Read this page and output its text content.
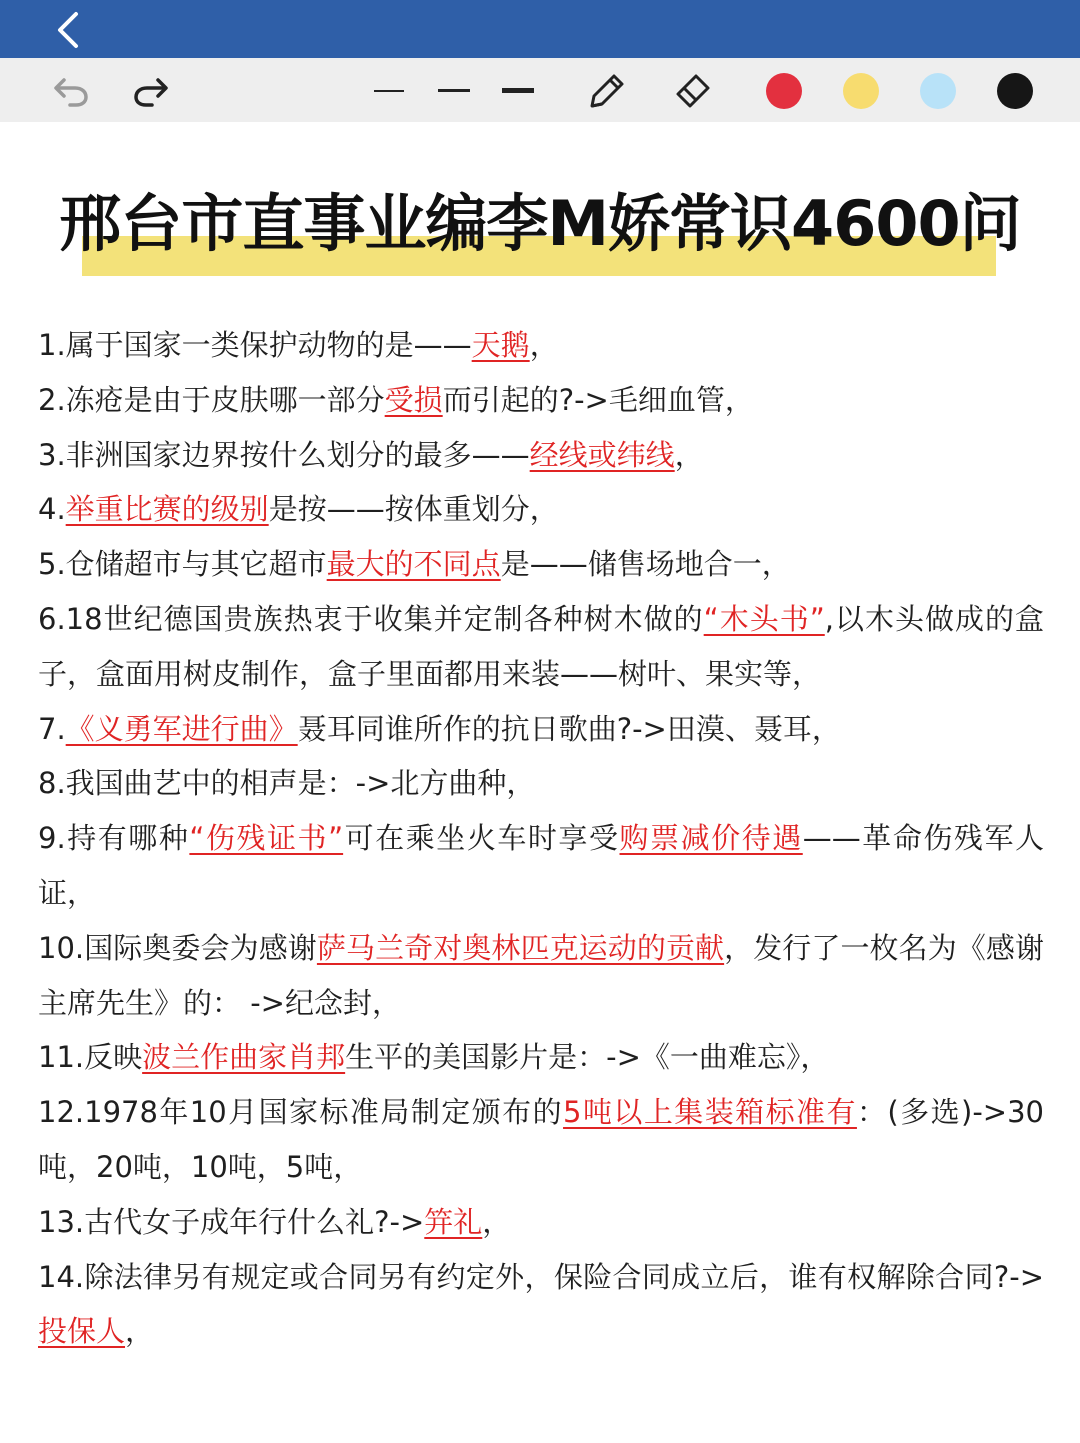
邢台市直事业编李M娇常识4600问

1.属于国家一类保护动物的是——天鹅，

2.冻疮是由于皮肤哪一部分受损而引起的?->毛细血管，

3.非洲国家边界按什么划分的最多——经线或纬线，

4.举重比赛的级别是按——按体重划分，

5.仓储超市与其它超市最大的不同点是——储售场地合一，

6.18世纪德国贵族热衷于收集并定制各种树木做的“木头书”,以木头做成的盒子，盒面用树皮制作，盒子里面都用来装——树叶、果实等，

7.《义勇军进行曲》聂耳同谁所作的抗日歌曲?->田漠、聂耳，

8.我国曲艺中的相声是：->北方曲种，

9.持有哪种“伤残证书”可在乘坐火车时享受购票减价待遇——革命伤残军人证，

10.国际奥委会为感谢萨马兰奇对奥林匹克运动的贡献，发行了一枚名为《感谢主席先生》的： ->纪念封，

11.反映波兰作曲家肖邦生平的美国影片是：->《一曲难忘》，

12.1978年10月国家标准局制定颁布的5吨以上集装箱标准有：(多选)->30吨，20吨，10吨，5吨，

13.古代女子成年行什么礼?->笄礼，

14.除法律另有规定或合同另有约定外，保险合同成立后，谁有权解除合同?->投保人，
